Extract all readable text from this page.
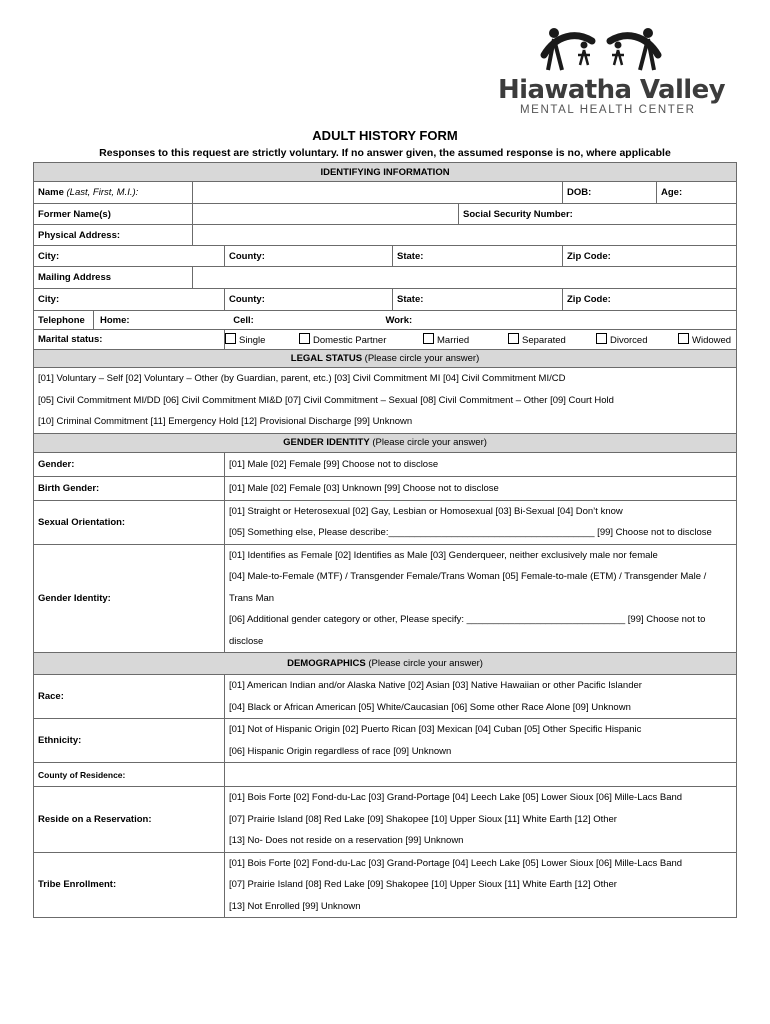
Hiawatha Valley
MENTAL HEALTH CENTER
ADULT HISTORY FORM
Responses to this request are strictly voluntary. If no answer given, the assumed response is no, where applicable
IDENTIFYING INFORMATION
Name (Last, First, M.I.):		DOB:	Age:
Former Name(s)		Social Security Number:
Physical Address:	
City:	County:	State:	Zip Code:
Mailing Address	
City:	County:	State:	Zip Code:
Telephone	Home:	Cell:	Work:
Marital status:		Single	Domestic Partner	Married	Separated	Divorced	Widowed

LEGAL STATUS (Please circle your answer)

[01] Voluntary – Self [02] Voluntary – Other (by Guardian, parent, etc.) [03] Civil Commitment MI [04] Civil Commitment MI/CD
[05] Civil Commitment MI/DD [06] Civil Commitment MI&D [07] Civil Commitment – Sexual [08] Civil Commitment – Other [09] Court Hold
[10] Criminal Commitment [11] Emergency Hold [12] Provisional Discharge [99] Unknown

GENDER IDENTITY (Please circle your answer)
Gender:	[01] Male [02] Female [99] Choose not to disclose
Birth Gender:	[01] Male [02] Female [03] Unknown [99] Choose not to disclose
Sexual Orientation:	
[01] Straight or Heterosexual [02] Gay, Lesbian or Homosexual [03] Bi-Sexual [04] Don’t know
[05] Something else, Please describe:_______________________________________ [99] Choose not to disclose

Gender Identity:	
[01] Identifies as Female [02] Identifies as Male [03] Genderqueer, neither exclusively male nor female
[04] Male-to-Female (MTF) / Transgender Female/Trans Woman [05] Female-to-male (ETM) / Transgender Male /
Trans Man
[06] Additional gender category or other, Please specify: ______________________________ [99] Choose not to
disclose

DEMOGRAPHICS (Please circle your answer)
Race:	
[01] American Indian and/or Alaska Native [02] Asian [03] Native Hawaiian or other Pacific Islander
[04] Black or African American [05] White/Caucasian [06] Some other Race Alone [09] Unknown

Ethnicity:	
[01] Not of Hispanic Origin [02] Puerto Rican [03] Mexican [04] Cuban [05] Other Specific Hispanic
[06] Hispanic Origin regardless of race [09] Unknown

County of Residence:	
Reside on a Reservation:	
[01] Bois Forte [02] Fond-du-Lac [03] Grand-Portage [04] Leech Lake [05] Lower Sioux [06] Mille-Lacs Band
[07] Prairie Island [08] Red Lake [09] Shakopee [10] Upper Sioux [11] White Earth [12] Other
[13] No- Does not reside on a reservation [99] Unknown

Tribe Enrollment:	
[01] Bois Forte [02] Fond-du-Lac [03] Grand-Portage [04] Leech Lake [05] Lower Sioux [06] Mille-Lacs Band
[07] Prairie Island [08] Red Lake [09] Shakopee [10] Upper Sioux [11] White Earth [12] Other
[13] Not Enrolled [99] Unknown
